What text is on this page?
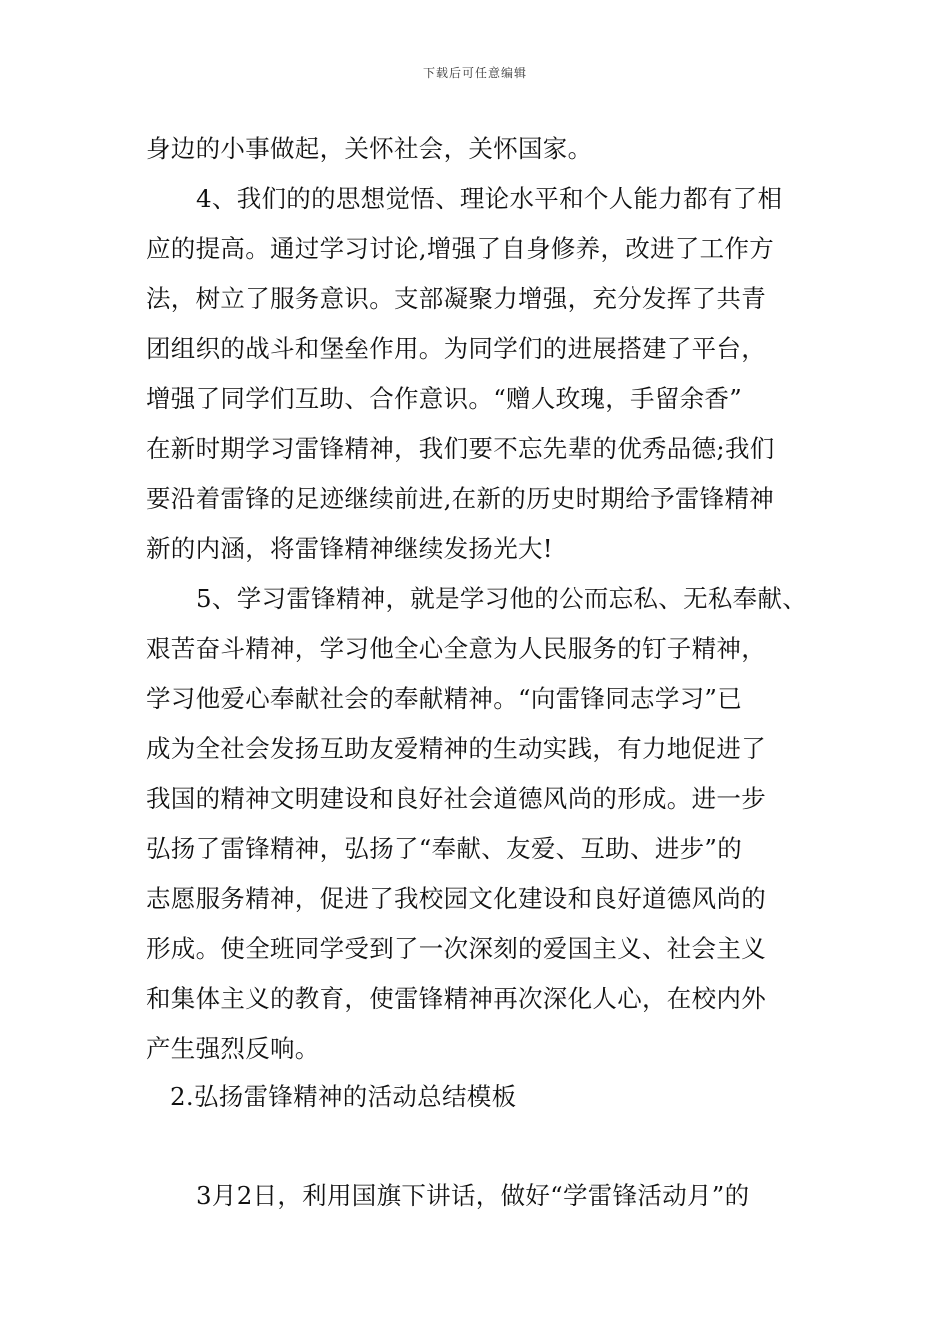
下载后可任意编辑
身边的小事做起，关怀社会，关怀国家。
4、我们的的思想觉悟、理论水平和个人能力都有了相
应的提高。通过学习讨论,增强了自身修养，改进了工作方
法，树立了服务意识。支部凝聚力增强，充分发挥了共青
团组织的战斗和堡垒作用。为同学们的进展搭建了平台，
增强了同学们互助、合作意识。“赠人玫瑰，手留余香”
在新时期学习雷锋精神，我们要不忘先辈的优秀品德;我们
要沿着雷锋的足迹继续前进,在新的历史时期给予雷锋精神
新的内涵，将雷锋精神继续发扬光大!
5、学习雷锋精神，就是学习他的公而忘私、无私奉献、
艰苦奋斗精神，学习他全心全意为人民服务的钉子精神，
学习他爱心奉献社会的奉献精神。“向雷锋同志学习”已
成为全社会发扬互助友爱精神的生动实践，有力地促进了
我国的精神文明建设和良好社会道德风尚的形成。进一步
弘扬了雷锋精神，弘扬了“奉献、友爱、互助、进步”的
志愿服务精神，促进了我校园文化建设和良好道德风尚的
形成。使全班同学受到了一次深刻的爱国主义、社会主义
和集体主义的教育，使雷锋精神再次深化人心，在校内外
产生强烈反响。
2.弘扬雷锋精神的活动总结模板
3月2日，利用国旗下讲话，做好“学雷锋活动月”的
